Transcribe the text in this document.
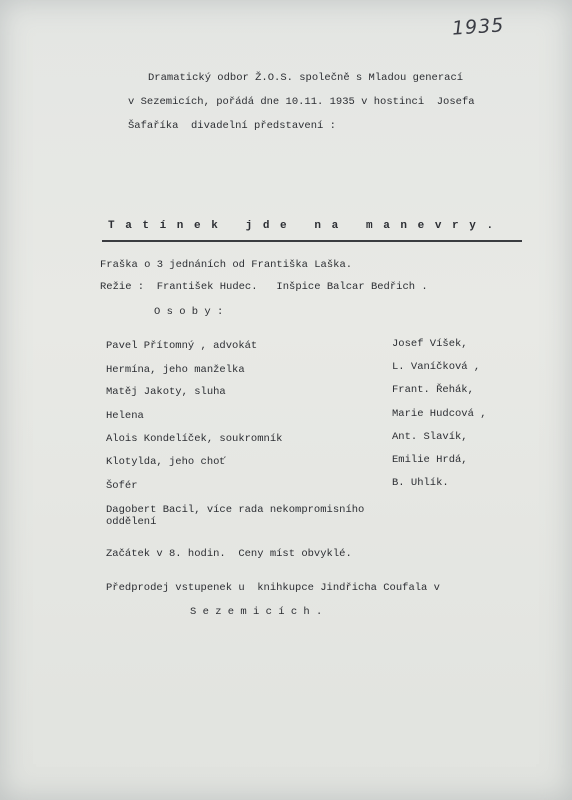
1935
Dramatický odbor Ž.O.S. společně s Mladou generací
v Sezemicích, pořádá dne 10.11. 1935 v hostinci  Josefa
Šafaříka  divadelní představení :
T a t í n e k   j d e   n a   m a n e v r y .
Fraška o 3 jednáních od Františka Laška.
Režie :  František Hudec.   Inšpice Balcar Bedřich .
O s o b y :
Pavel Přítomný , advokát	Josef Víšek,
Hermína, jeho manželka	L. Vaníčková ,
Matěj Jakoty, sluha	Frant. Řehák,
Helena	Marie Hudcová ,
Alois Kondelíček, soukromník	Ant. Slavík,
Klotylda, jeho choť	Emilie Hrdá,
Šofér	B. Uhlík.
Dagobert Bacil, více rada nekompromisního
oddělení
Začátek v 8. hodin.  Ceny míst obvyklé.
Předprodej vstupenek u  knihkupce Jindřicha Coufala v
S e z e m i c í c h .
